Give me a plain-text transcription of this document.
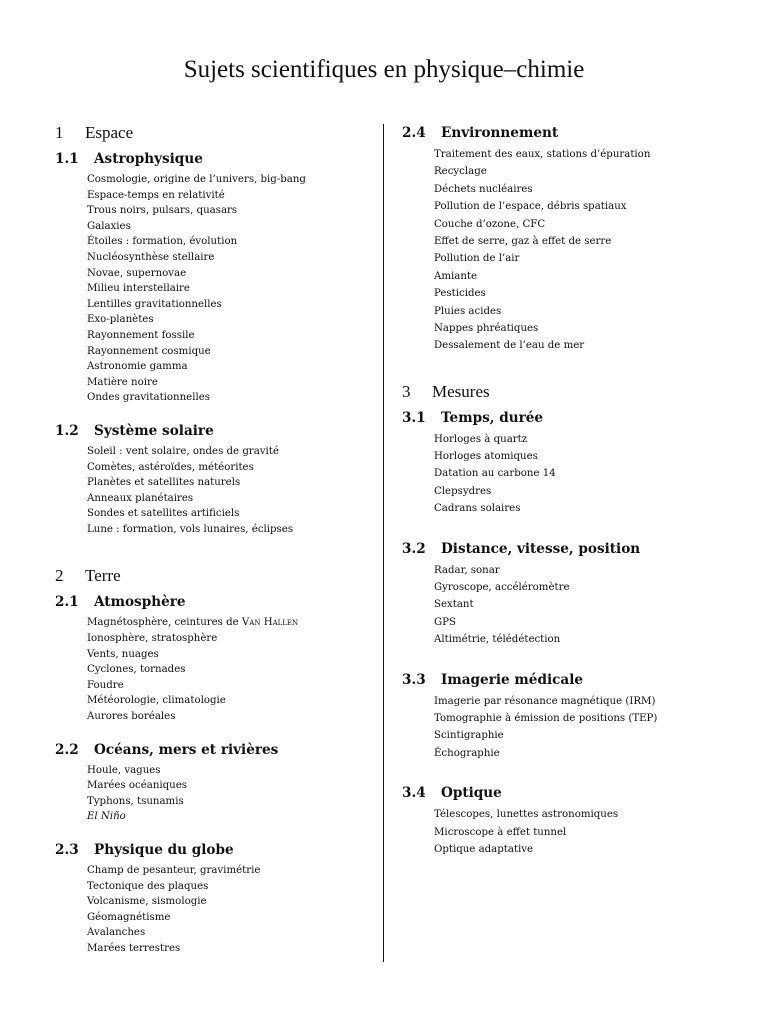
Sujets scientifiques en physique–chimie
1 Espace
1.1 Astrophysique
Cosmologie, origine de l’univers, big-bang
Espace-temps en relativité
Trous noirs, pulsars, quasars
Galaxies
Étoiles : formation, évolution
Nucléosynthèse stellaire
Novae, supernovae
Milieu interstellaire
Lentilles gravitationnelles
Exo-planètes
Rayonnement fossile
Rayonnement cosmique
Astronomie gamma
Matière noire
Ondes gravitationnelles
1.2 Système solaire
Soleil : vent solaire, ondes de gravité
Comètes, astéroïdes, météorites
Planètes et satellites naturels
Anneaux planétaires
Sondes et satellites artificiels
Lune : formation, vols lunaires, éclipses
2 Terre
2.1 Atmosphère
Magnétosphère, ceintures de Van Hallen
Ionosphère, stratosphère
Vents, nuages
Cyclones, tornades
Foudre
Météorologie, climatologie
Aurores boréales
2.2 Océans, mers et rivières
Houle, vagues
Marées océaniques
Typhons, tsunamis
El Niño
2.3 Physique du globe
Champ de pesanteur, gravimétrie
Tectonique des plaques
Volcanisme, sismologie
Géomagnétisme
Avalanches
Marées terrestres
2.4 Environnement
Traitement des eaux, stations d’épuration
Recyclage
Déchets nucléaires
Pollution de l’espace, débris spatiaux
Couche d’ozone, CFC
Effet de serre, gaz à effet de serre
Pollution de l’air
Amiante
Pesticides
Pluies acides
Nappes phréatiques
Dessalement de l’eau de mer
3 Mesures
3.1 Temps, durée
Horloges à quartz
Horloges atomiques
Datation au carbone 14
Clepsydres
Cadrans solaires
3.2 Distance, vitesse, position
Radar, sonar
Gyroscope, accéléromètre
Sextant
GPS
Altimétrie, télédétection
3.3 Imagerie médicale
Imagerie par résonance magnétique (IRM)
Tomographie à émission de positions (TEP)
Scintigraphie
Échographie
3.4 Optique
Télescopes, lunettes astronomiques
Microscope à effet tunnel
Optique adaptative
